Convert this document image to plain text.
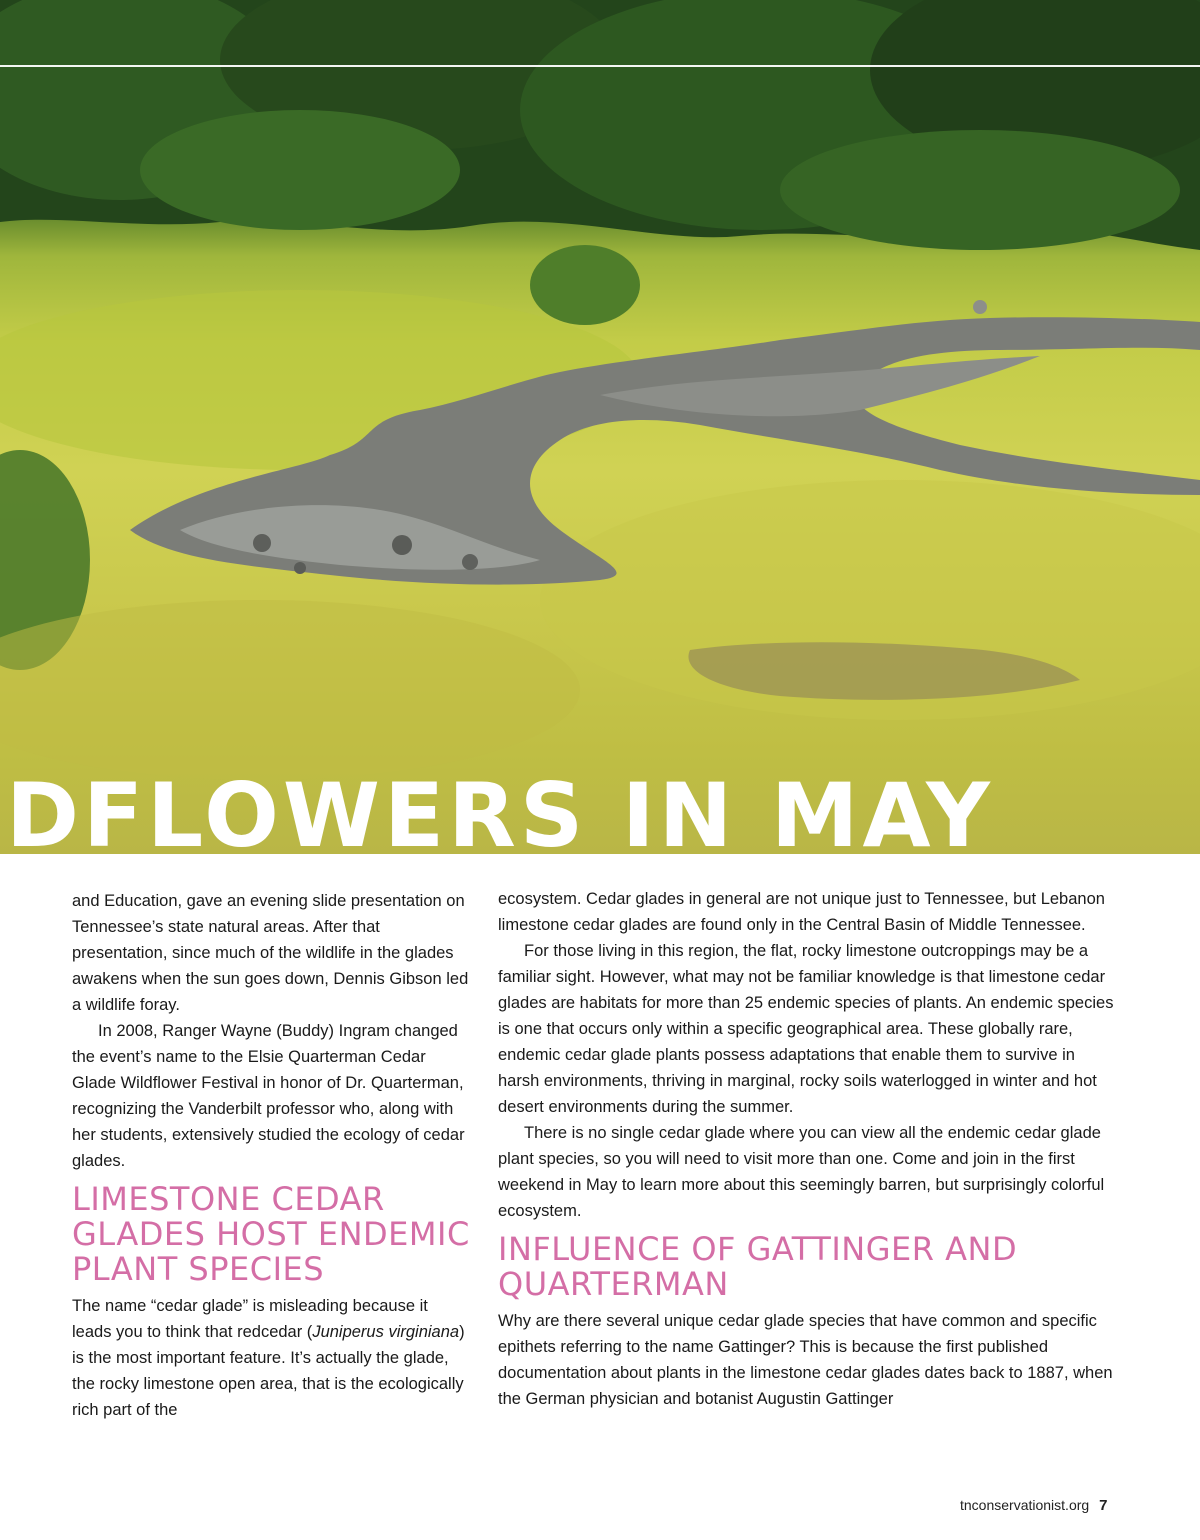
DFLOWERS IN MAY

and Education, gave an evening slide presentation on Tennessee’s state natural areas. After that presentation, since much of the wildlife in the glades awakens when the sun goes down, Dennis Gibson led a wildlife foray.

In 2008, Ranger Wayne (Buddy) Ingram changed the event’s name to the Elsie Quarterman Cedar Glade Wildflower Festival in honor of Dr. Quarterman, recognizing the Vanderbilt professor who, along with her students, extensively studied the ecology of cedar glades.

LIMESTONE CEDAR GLADES HOST ENDEMIC PLANT SPECIES

The name “cedar glade” is misleading because it leads you to think that redcedar (Juniperus virginiana) is the most important feature. It’s actually the glade, the rocky limestone open area, that is the ecologically rich part of the

ecosystem. Cedar glades in general are not unique just to Tennessee, but Lebanon limestone cedar glades are found only in the Central Basin of Middle Tennessee.

For those living in this region, the flat, rocky limestone outcroppings may be a familiar sight. However, what may not be familiar knowledge is that limestone cedar glades are habitats for more than 25 endemic species of plants. An endemic species is one that occurs only within a specific geographical area. These globally rare, endemic cedar glade plants possess adaptations that enable them to survive in harsh environments, thriving in marginal, rocky soils waterlogged in winter and hot desert environments during the summer.

There is no single cedar glade where you can view all the endemic cedar glade plant species, so you will need to visit more than one. Come and join in the first weekend in May to learn more about this seemingly barren, but surprisingly colorful ecosystem.

INFLUENCE OF GATTINGER AND QUARTERMAN

Why are there several unique cedar glade species that have common and specific epithets referring to the name Gattinger? This is because the first published documentation about plants in the limestone cedar glades dates back to 1887, when the German physician and botanist Augustin Gattinger

tnconservationist.org 7
